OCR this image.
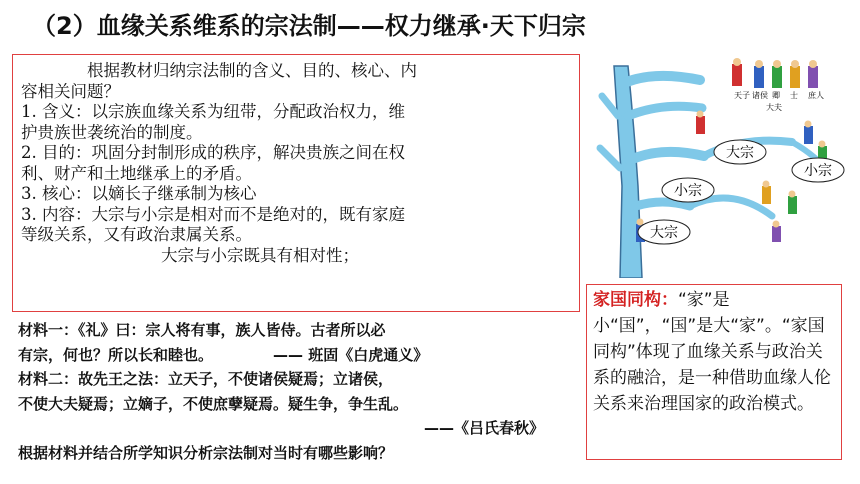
（2）血缘关系维系的宗法制——权力继承·天下归宗
根据教材归纳宗法制的含义、目的、核心、内
容相关问题？
1. 含义：以宗族血缘关系为纽带，分配政治权力，维
护贵族世袭统治的制度。
2. 目的：巩固分封制形成的秩序，解决贵族之间在权
利、财产和土地继承上的矛盾。
3. 核心：以嫡长子继承制为核心
3. 内容：大宗与小宗是相对而不是绝对的，既有家庭
等级关系，又有政治隶属关系。
大宗与小宗既具有相对性；
材料一：《礼》曰：宗人将有事，族人皆侍。古者所以必
有宗，何也？所以长和睦也。	—— 班固《白虎通义》
材料二：故先王之法：立天子，不使诸侯疑焉；立诸侯，
不使大夫疑焉；立嫡子，不使庶孽疑焉。疑生争，争生乱。
——《吕氏春秋》
根据材料并结合所学知识分析宗法制对当时有哪些影响？
天子 诸侯 卿 士 庶人
大夫
大宗
小宗
小宗
大宗
家国同构：“家”是小“国”，“国”是大“家”。“家国同构”体现了血缘关系与政治关系的融洽，是一种借助血缘人伦关系来治理国家的政治模式。
